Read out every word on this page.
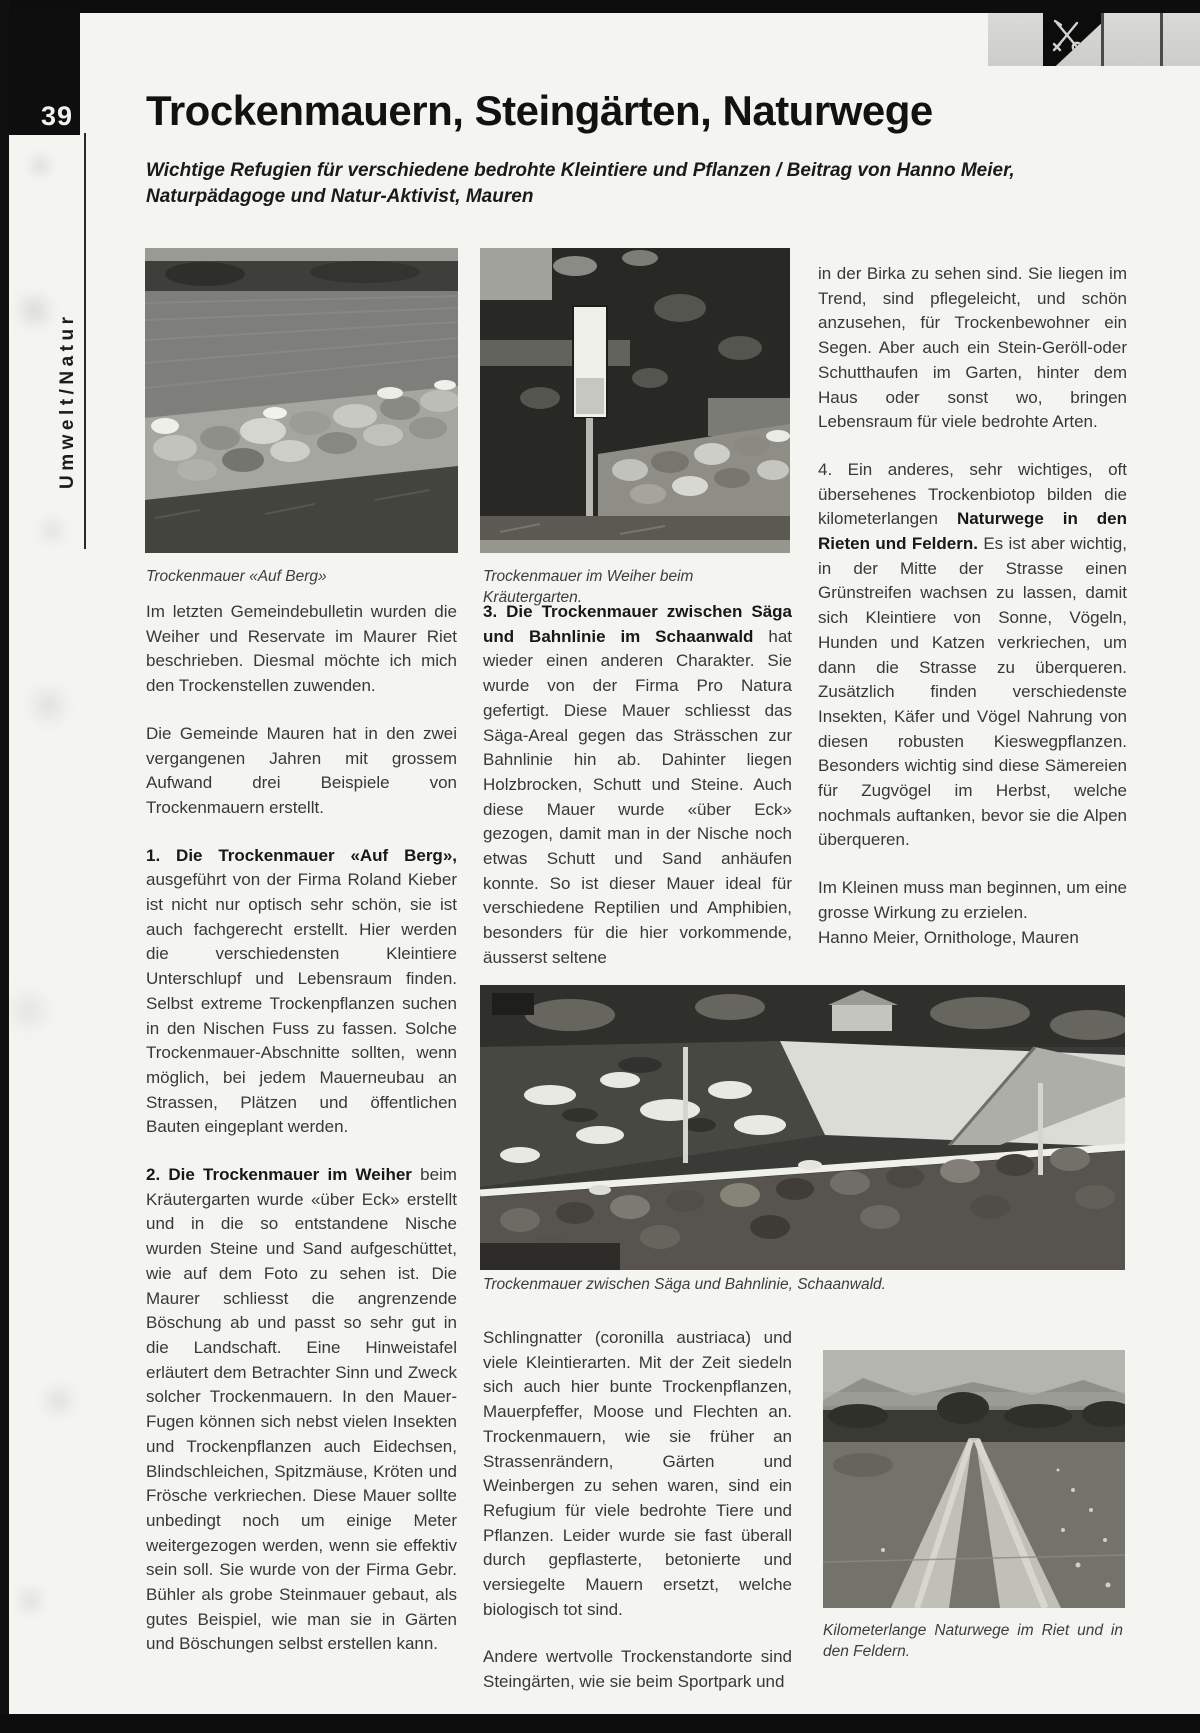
39
Umwelt/Natur
Trockenmauern, Steingärten, Naturwege
Wichtige Refugien für verschiedene bedrohte Kleintiere und Pflanzen / Beitrag von Hanno Meier, Naturpädagoge und Natur-Aktivist, Mauren
Trockenmauer «Auf Berg»	Trockenmauer im Weiher beim Kräutergarten.

Im letzten Gemeindebulletin wurden die Weiher und Reservate im Maurer Riet beschrieben. Diesmal möchte ich mich den Trockenstellen zuwenden.

Die Gemeinde Mauren hat in den zwei vergangenen Jahren mit grossem Aufwand drei Beispiele von Trockenmauern erstellt.

1. Die Trockenmauer «Auf Berg», ausgeführt von der Firma Roland Kieber ist nicht nur optisch sehr schön, sie ist auch fachgerecht erstellt. Hier werden die verschiedensten Kleintiere Unterschlupf und Lebensraum finden. Selbst extreme Trockenpflanzen suchen in den Nischen Fuss zu fassen. Solche Trockenmauer-Abschnitte sollten, wenn möglich, bei jedem Mauerneubau an Strassen, Plätzen und öffentlichen Bauten eingeplant werden.

2. Die Trockenmauer im Weiher beim Kräutergarten wurde «über Eck» erstellt und in die so entstandene Nische wurden Steine und Sand aufgeschüttet, wie auf dem Foto zu sehen ist. Die Maurer schliesst die angrenzende Böschung ab und passt so sehr gut in die Landschaft. Eine Hinweistafel erläutert dem Betrachter Sinn und Zweck solcher Trockenmauern. In den Mauer-Fugen können sich nebst vielen Insekten und Trockenpflanzen auch Eidechsen, Blindschleichen, Spitzmäuse, Kröten und Frösche verkriechen. Diese Mauer sollte unbedingt noch um einige Meter weitergezogen werden, wenn sie effektiv sein soll. Sie wurde von der Firma Gebr. Bühler als grobe Steinmauer gebaut, als gutes Beispiel, wie man sie in Gärten und Böschungen selbst erstellen kann.

3. Die Trockenmauer zwischen Säga und Bahnlinie im Schaanwald hat wieder einen anderen Charakter. Sie wurde von der Firma Pro Natura gefertigt. Diese Mauer schliesst das Säga-Areal gegen das Strässchen zur Bahnlinie hin ab. Dahinter liegen Holzbrocken, Schutt und Steine. Auch diese Mauer wurde «über Eck» gezogen, damit man in der Nische noch etwas Schutt und Sand anhäufen konnte. So ist dieser Mauer ideal für verschiedene Reptilien und Amphibien, besonders für die hier vorkommende, äusserst seltene

in der Birka zu sehen sind. Sie liegen im Trend, sind pflegeleicht, und schön anzusehen, für Trockenbewohner ein Segen. Aber auch ein Stein-Geröll-oder Schutthaufen im Garten, hinter dem Haus oder sonst wo, bringen Lebensraum für viele bedrohte Arten.

4. Ein anderes, sehr wichtiges, oft übersehenes Trockenbiotop bilden die kilometerlangen Naturwege in den Rieten und Feldern. Es ist aber wichtig, in der Mitte der Strasse einen Grünstreifen wachsen zu lassen, damit sich Kleintiere von Sonne, Vögeln, Hunden und Katzen verkriechen, um dann die Strasse zu überqueren. Zusätzlich finden verschiedenste Insekten, Käfer und Vögel Nahrung von diesen robusten Kieswegpflanzen. Besonders wichtig sind diese Sämereien für Zugvögel im Herbst, welche nochmals auftanken, bevor sie die Alpen überqueren.

Im Kleinen muss man beginnen, um eine grosse Wirkung zu erzielen.

Hanno Meier, Ornithologe, Mauren

Trockenmauer zwischen Säga und Bahnlinie, Schaanwald.

Schlingnatter (coronilla austriaca) und viele Kleintierarten. Mit der Zeit siedeln sich auch hier bunte Trockenpflanzen, Mauerpfeffer, Moose und Flechten an. Trockenmauern, wie sie früher an Strassenrändern, Gärten und Weinbergen zu sehen waren, sind ein Refugium für viele bedrohte Tiere und Pflanzen. Leider wurde sie fast überall durch gepflasterte, betonierte und versiegelte Mauern ersetzt, welche biologisch tot sind.

Andere wertvolle Trockenstandorte sind Steingärten, wie sie beim Sportpark und

Kilometerlange Naturwege im Riet und in den Feldern.
